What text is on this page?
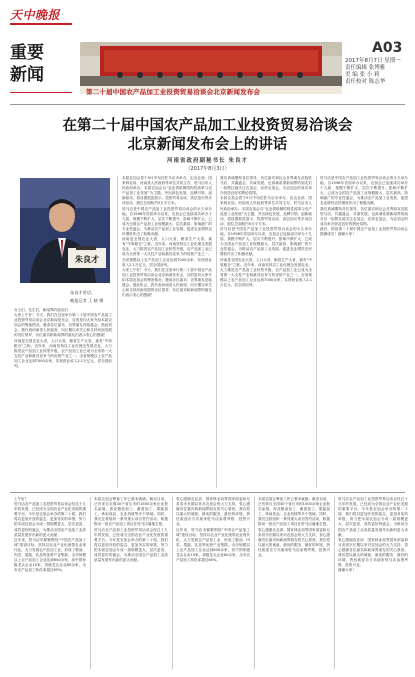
天中晚报
重要
新闻
A03
2017年8月7日 星期一
责任编辑 张博雅
美 编 张 小 莉
责任校对 陈志华
第二十届中国农产品加工业投资贸易洽谈会北京新闻发布会
在第二十届中国农产品加工业投资贸易洽谈会
北京新闻发布会上的讲话
河南省政府副秘书长 朱良才
（2017年8月3日）
朱良才
朱良才讲话。
晚报记者 王 晓 摄
女士们、先生们，新闻界的朋友们：
大家上午好！今天，我们在这里举行第二十届中国农产品加工业投资贸易洽谈会北京新闻发布会，目的是向大家介绍本届农加会的筹备情况，邀请各位嘉宾、各界朋友莅临盛会。借此机会，我代表河南省人民政府，向长期以来关心和支持河南发展的各位领导、各位嘉宾和新闻界的朋友们表示衷心的感谢！
河南是全国农业大省，人口大省，粮食生产大省，素有“中原粮仓”之称。近年来，河南坚持以工业化理念发展农业，大力推进农产品加工业转型升级，农产品加工业已成为全省第一大支柱产业和最具竞争力的优势产业之一。全省规模以上农产品加工企业达到7000余家，实现营业收入2.1万亿元，居全国前列。
本届农加会将于9月中旬在驻马店市举办，由农业部、国家林业局、河南省人民政府等单位共同主办，驻马店市人民政府承办。本届农加会以“农业供给侧结构性改革与农产品加工业发展”为主题，突出绿色发展、品牌引领、创新驱动，将设置展览展示、投资贸易洽谈、高层论坛等多项活动，展位总面积约5万平方米。
驻马店是中国农产品加工业投资贸易洽谈会的永久举办地。自1998年首届举办以来，农加会已连续成功举办十九届，规模不断扩大，层次不断提升，影响不断扩大，已成为全国农产品加工业规模最大、层次最高、影响最广的专业性盛会，为推动农产品加工业发展、促进农业增效农民增收作出了积极贡献。
河南是全国农业大省，人口大省，粮食生产大省，素有“中原粮仓”之称。近年来，河南坚持以工业化理念发展农业，大力推进农产品加工业转型升级，农产品加工业已成为全省第一大支柱产业和最具竞争力的优势产业之一。全省规模以上农产品加工企业达到7000余家，实现营业收入2.1万亿元，居全国前列。
大家上午好！今天，我们在这里举行第二十届中国农产品加工业投资贸易洽谈会北京新闻发布会，目的是向大家介绍本届农加会的筹备情况，邀请各位嘉宾、各界朋友莅临盛会。借此机会，我代表河南省人民政府，向长期以来关心和支持河南发展的各位领导、各位嘉宾和新闻界的朋友们表示衷心的感谢！
我们真诚期待各位领导、各位嘉宾和社会各界朋友莅临驻马店，共襄盛会，共谋发展。也真诚希望新闻界的朋友们一如既往地关注农加会、宣传农加会，为农加会的成功举办营造良好的舆论氛围。
本届农加会将于9月中旬在驻马店市举办，由农业部、国家林业局、河南省人民政府等单位共同主办，驻马店市人民政府承办。本届农加会以“农业供给侧结构性改革与农产品加工业发展”为主题，突出绿色发展、品牌引领、创新驱动，将设置展览展示、投资贸易洽谈、高层论坛等多项活动，展位总面积约5万平方米。
驻马店是中国农产品加工业投资贸易洽谈会的永久举办地。自1998年首届举办以来，农加会已连续成功举办十九届，规模不断扩大，层次不断提升，影响不断扩大，已成为全国农产品加工业规模最大、层次最高、影响最广的专业性盛会，为推动农产品加工业发展、促进农业增效农民增收作出了积极贡献。
河南是全国农业大省，人口大省，粮食生产大省，素有“中原粮仓”之称。近年来，河南坚持以工业化理念发展农业，大力推进农产品加工业转型升级，农产品加工业已成为全省第一大支柱产业和最具竞争力的优势产业之一。全省规模以上农产品加工企业达到7000余家，实现营业收入2.1万亿元，居全国前列。
驻马店是中国农产品加工业投资贸易洽谈会的永久举办地。自1998年首届举办以来，农加会已连续成功举办十九届，规模不断扩大，层次不断提升，影响不断扩大，已成为全国农产品加工业规模最大、层次最高、影响最广的专业性盛会，为推动农产品加工业发展、促进农业增效农民增收作出了积极贡献。
我们真诚期待各位领导、各位嘉宾和社会各界朋友莅临驻马店，共襄盛会，共谋发展。也真诚希望新闻界的朋友们一如既往地关注农加会、宣传农加会，为农加会的成功举办营造良好的舆论氛围。
最后，预祝第二十届中国农产品加工业投资贸易洽谈会圆满成功！谢谢大家！
上午好！
驻马店农产品加工业投资贸易洽谈会经过十九年的发展，已经成为全国农业产业化发展的重要平台。今年是农加会举办的第二十届，我们将以更加开放的姿态、更加务实的举措，努力把本届农加会办成一届规模更大、层次更高、成效更好的盛会，为推动全国农产品加工业高质量发展作出新的更大贡献。
近年来，驻马店市紧紧围绕“中国农产品加工城”建设目标，坚持以农业产业化统领农业现代化，大力发展农产品加工业，形成了粮油、肉类、果蔬、乳品等优势产业集群。全市规模以上农产品加工企业达到600余家，其中国家级龙头企业10家，省级龙头企业80余家，全市农产品加工转化率超过65%。
本届农加会筹备工作已基本就绪。截至目前，已有来自全国30个省区市的1500余家企业报名参展，涉及粮油加工、畜禽加工、果蔬加工、休闲食品、农业机械等多个领域。同时，我们还将组织一系列重大项目签约活动，积极推动一批农产品加工项目在驻马店落地生根。
驻马店农产品加工业投资贸易洽谈会经过十九年的发展，已经成为全国农业产业化发展的重要平台。今年是农加会举办的第二十届，我们将以更加开放的姿态、更加务实的举措，努力把本届农加会办成一届规模更大、层次更高、成效更好的盛会，为推动全国农产品加工业高质量发展作出新的更大贡献。
衷心感谢农业部、国家林业局等国家部委和兄弟省市长期以来对农加会的大力支持，衷心感谢各位嘉宾和新闻界朋友的关心厚爱。我们将以最大的诚意、最优的服务、最好的环境，热忱欢迎各方宾朋来驻马店参观考察、投资兴业。
近年来，驻马店市紧紧围绕“中国农产品加工城”建设目标，坚持以农业产业化统领农业现代化，大力发展农产品加工业，形成了粮油、肉类、果蔬、乳品等优势产业集群。全市规模以上农产品加工企业达到600余家，其中国家级龙头企业10家，省级龙头企业80余家，全市农产品加工转化率超过65%。
本届农加会筹备工作已基本就绪。截至目前，已有来自全国30个省区市的1500余家企业报名参展，涉及粮油加工、畜禽加工、果蔬加工、休闲食品、农业机械等多个领域。同时，我们还将组织一系列重大项目签约活动，积极推动一批农产品加工项目在驻马店落地生根。
衷心感谢农业部、国家林业局等国家部委和兄弟省市长期以来对农加会的大力支持，衷心感谢各位嘉宾和新闻界朋友的关心厚爱。我们将以最大的诚意、最优的服务、最好的环境，热忱欢迎各方宾朋来驻马店参观考察、投资兴业。
驻马店农产品加工业投资贸易洽谈会经过十九年的发展，已经成为全国农业产业化发展的重要平台。今年是农加会举办的第二十届，我们将以更加开放的姿态、更加务实的举措，努力把本届农加会办成一届规模更大、层次更高、成效更好的盛会，为推动全国农产品加工业高质量发展作出新的更大贡献。
衷心感谢农业部、国家林业局等国家部委和兄弟省市长期以来对农加会的大力支持，衷心感谢各位嘉宾和新闻界朋友的关心厚爱。我们将以最大的诚意、最优的服务、最好的环境，热忱欢迎各方宾朋来驻马店参观考察、投资兴业。
谢谢大家！
